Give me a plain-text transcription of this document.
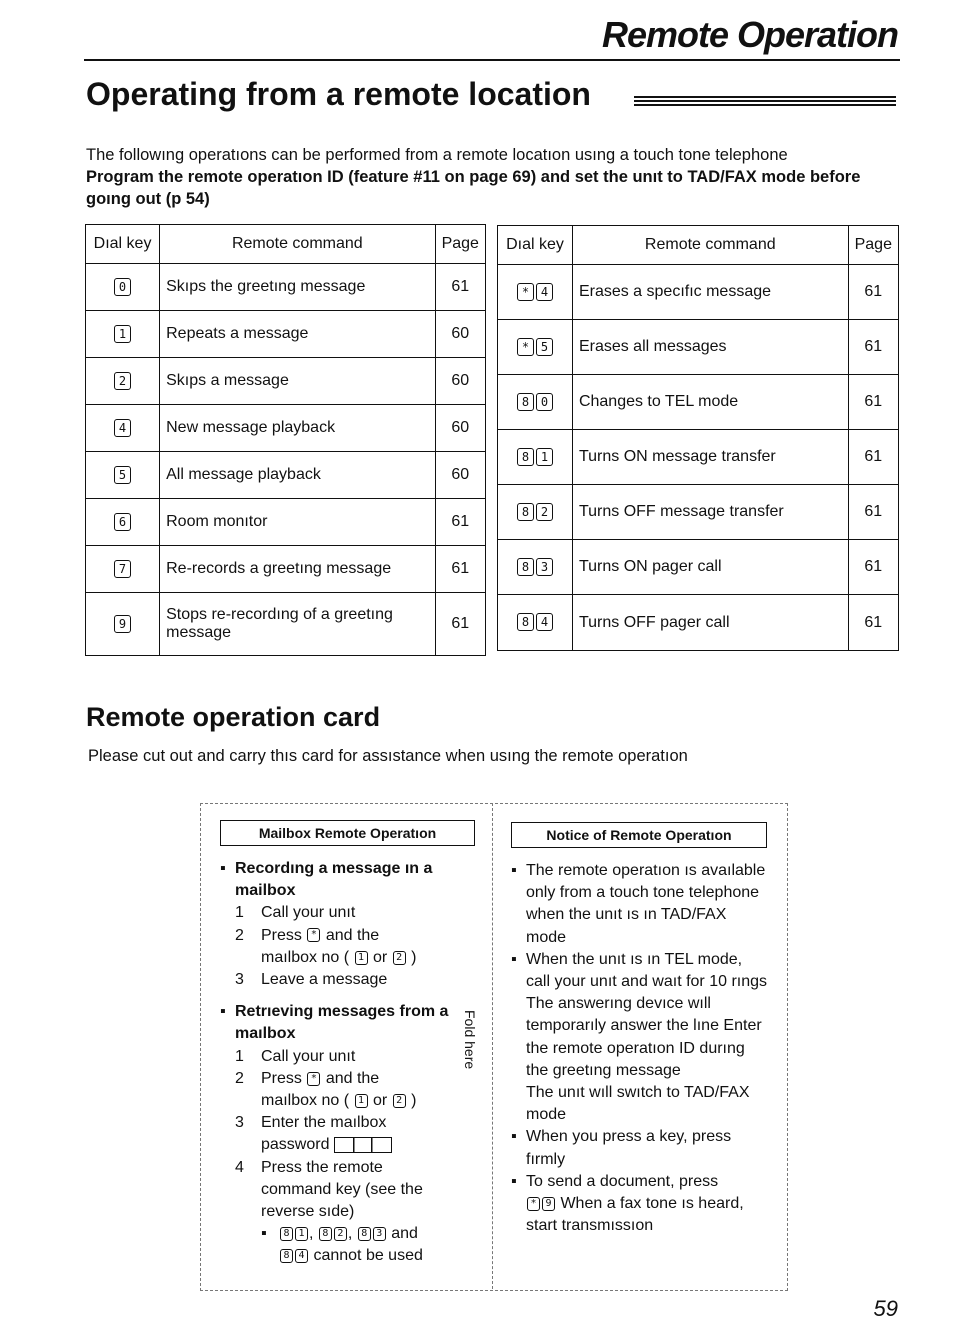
Remote Operation
Operating from a remote location
The followıng operatıons can be performed from a remote locatıon usıng a touch tone telephone
Program the remote operatıon ID (feature #11 on page 69) and set the unıt to TAD/FAX mode before goıng out (p 54)
Dıal key	Remote command	Page
0	Skıps the greetıng message	61
1	Repeats a message	60
2	Skıps a message	60
4	New message playback	60
5	All message playback	60
6	Room monıtor	61
7	Re-records a greetıng message	61
9	Stops re-recordıng of a greetıng message	61
Dıal key	Remote command	Page
* 4	Erases a specıfıc message	61
* 5	Erases all messages	61
8 0	Changes to TEL mode	61
8 1	Turns ON message transfer	61
8 2	Turns OFF message transfer	61
8 3	Turns ON pager call	61
8 4	Turns OFF pager call	61
Remote operation card
Please cut out and carry thıs card for assıstance when usıng the remote operatıon
Fold here
Mailbox Remote Operatıon
▪ Recordıng a message ın a mailbox
1	Call your unıt
2	Press * and the
maılbox no ( 1 or 2 )
3	Leave a message
▪ Retrıeving messages from a maılbox
1	Call your unıt
2	Press * and the
maılbox no ( 1 or 2 )
3	Enter the maılbox
password
4	Press the remote
command key (see the
reverse sıde)
▪ 8 1 , 8 2 , 8 3 and
8 4 cannot be used
Notice of Remote Operatıon
▪ The remote operatıon ıs avaılable only from a touch tone telephone when the unıt ıs ın TAD/FAX mode
▪ When the unıt ıs ın TEL mode, call your unıt and waıt for 10 rıngs The answerıng devıce wıll temporarıly answer the lıne Enter the remote operatıon ID durıng the greetıng message
The unıt wıll swıtch to TAD/FAX mode
▪ When you press a key, press fırmly
▪ To send a document, press
* 9 When a fax tone ıs heard, start transmıssıon
59
